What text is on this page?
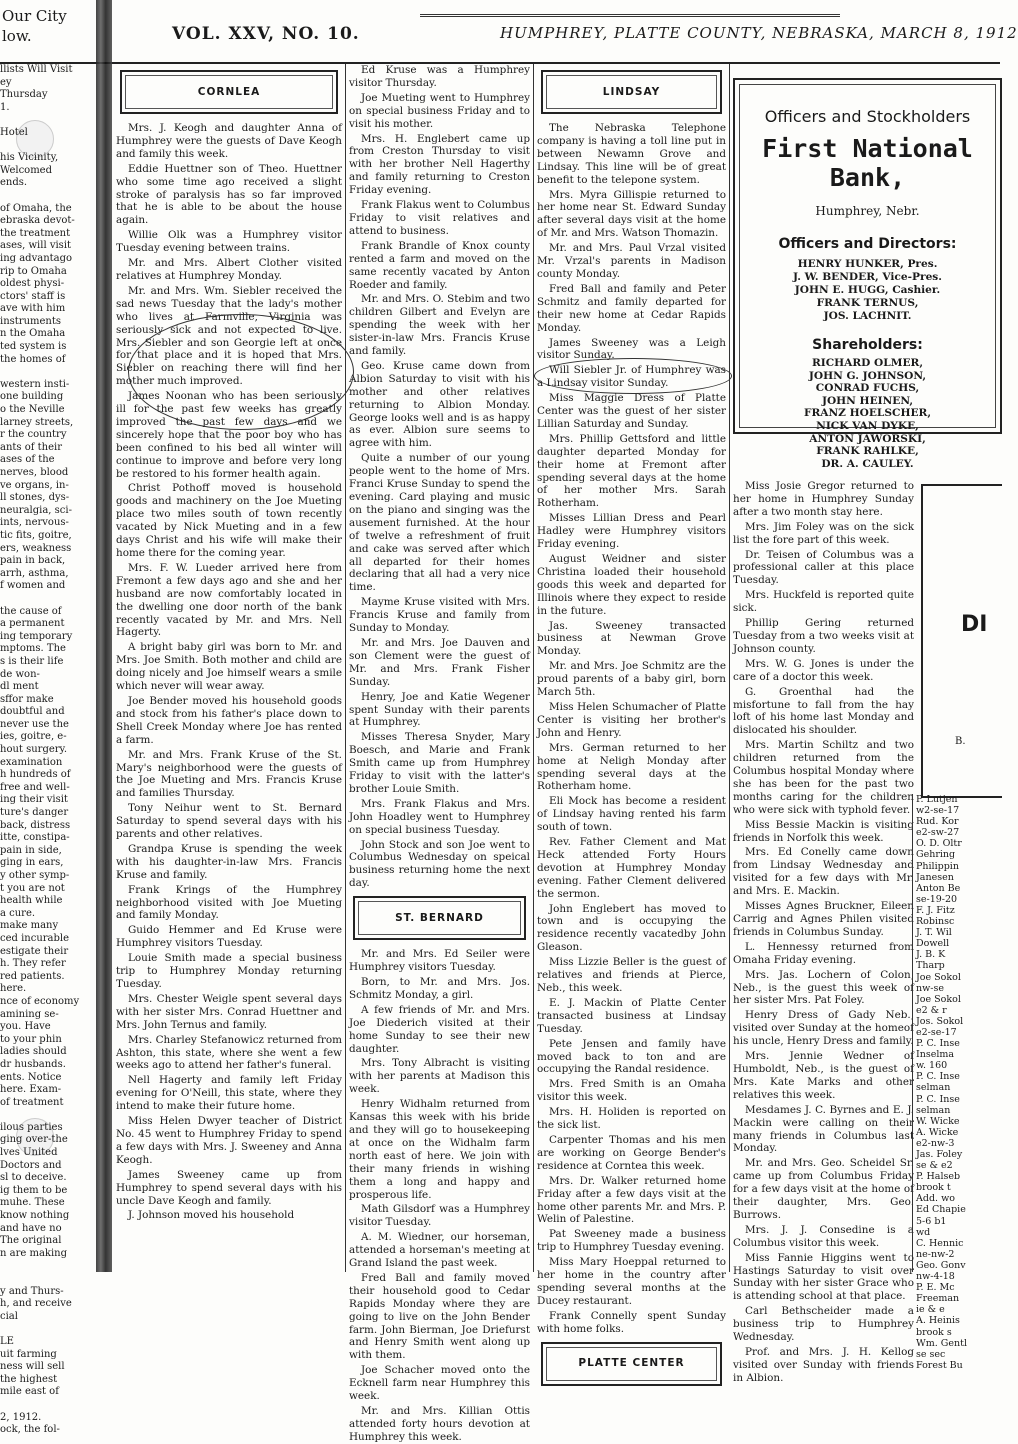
Our City
low.	VOL. XXV, NO. 10.	HUMPHREY, PLATTE COUNTY, NEBRASKA, MARCH 8, 1912
llists Will Visit
ey
Thursday
1.

Hotel

his Vicinity,
Welcomed
ends.

of Omaha, the
ebraska devot-
the treatment
ases, will visit
ing advantago
rip to Omaha
oldest physi-
ctors' staff is
ave with him
instruments
n the Omaha
ted system is
the homes of

western insti-
one building
o the Neville
larney streets,
r the country
ants of their
ases of the
nerves, blood
ve organs, in-
ll stones, dys-
neuralgia, sci-
ints, nervous-
tic fits, goitre,
ers, weakness
pain in back,
arrh, asthma,
f women and

the cause of
a permanent
ing temporary
mptoms. The
s is their life
de won-
dl ment
sffor make
doubtful and
never use the
ies, goitre, e-
hout surgery.
examination
h hundreds of
free and well-
ing their visit
ture's danger
back, distress
itte, constipa-
pain in side,
ging in ears,
y other symp-
t you are not
health while
a cure.
make many
ced incurable
estigate their
h. They refer
red patients.
here.
nce of economy
amining se-
you. Have
to your phin
ladies should
dr husbands.
ents. Notice
here. Exam-
of treatment

ilous parties
ging over-the
lves United
Doctors and
sl to deceive.
ig them to be
muhe. These
know nothing
and have no
The original
n are making

y and Thurs-
h, and receive
cial

LE
uit farming
ness will sell
the highest
mile east of

2, 1912.
ock, the fol-
CORNLEA

Mrs. J. Keogh and daughter Anna of Humphrey were the guests of Dave Keogh and family this week.

Eddie Huettner son of Theo. Huettner who some time ago received a slight stroke of paralysis has so far improved that he is able to be about the house again.

Willie Olk was a Humphrey visitor Tuesday evening between trains.

Mr. and Mrs. Albert Clother visited relatives at Humphrey Monday.

Mr. and Mrs. Wm. Siebler received the sad news Tuesday that the lady's mother who lives at Farmville, Virginia was seriously sick and not expected to live. Mrs. Siebler and son Georgie left at once for that place and it is hoped that Mrs. Siebler on reaching there will find her mother much improved.

James Noonan who has been seriously ill for the past few weeks has greatly improved the past few days and we sincerely hope that the poor boy who has been confined to his bed all winter will continue to improve and before very long be restored to his former health again.

Christ Pothoff moved is household goods and machinery on the Joe Mueting place two miles south of town recently vacated by Nick Mueting and in a few days Christ and his wife will make their home there for the coming year.

Mrs. F. W. Lueder arrived here from Fremont a few days ago and she and her husband are now comfortably located in the dwelling one door north of the bank recently vacated by Mr. and Mrs. Nell Hagerty.

A bright baby girl was born to Mr. and Mrs. Joe Smith. Both mother and child are doing nicely and Joe himself wears a smile which never will wear away.

Joe Bender moved his household goods and stock from his father's place down to Shell Creek Monday where Joe has rented a farm.

Mr. and Mrs. Frank Kruse of the St. Mary's neighborhood were the guests of the Joe Mueting and Mrs. Francis Kruse and families Thursday.

Tony Neihur went to St. Bernard Saturday to spend several days with his parents and other relatives.

Grandpa Kruse is spending the week with his daughter-in-law Mrs. Francis Kruse and family.

Frank Krings of the Humphrey neighborhood visited with Joe Mueting and family Monday.

Guido Hemmer and Ed Kruse were Humphrey visitors Tuesday.

Louie Smith made a special business trip to Humphrey Monday returning Tuesday.

Mrs. Chester Weigle spent several days with her sister Mrs. Conrad Huettner and Mrs. John Ternus and family.

Mrs. Charley Stefanowicz returned from Ashton, this state, where she went a few weeks ago to attend her father's funeral.

Nell Hagerty and family left Friday evening for O'Neill, this state, where they intend to make their future home.

Miss Helen Dwyer teacher of District No. 45 went to Humphrey Friday to spend a few days with Mrs. J. Sweeney and Anna Keogh.

James Sweeney came up from Humphrey to spend several days with his uncle Dave Keogh and family.

J. Johnson moved his household

Ed Kruse was a Humphrey visitor Thursday.

Joe Mueting went to Humphrey on special business Friday and to visit his mother.

Mrs. H. Englebert came up from Creston Thursday to visit with her brother Nell Hagerthy and family returning to Creston Friday evening.

Frank Flakus went to Columbus Friday to visit relatives and attend to business.

Frank Brandle of Knox county rented a farm and moved on the same recently vacated by Anton Roeder and family.

Mr. and Mrs. O. Stebim and two children Gilbert and Evelyn are spending the week with her sister-in-law Mrs. Francis Kruse and family.

Geo. Kruse came down from Albion Saturday to visit with his mother and other relatives returning to Albion Monday. George looks well and is as happy as ever. Albion sure seems to agree with him.

Quite a number of our young people went to the home of Mrs. Franci Kruse Sunday to spend the evening. Card playing and music on the piano and singing was the ausement furnished. At the hour of twelve a refreshment of fruit and cake was served after which all departed for their homes declaring that all had a very nice time.

Mayme Kruse visited with Mrs. Francis Kruse and family from Sunday to Monday.

Mr. and Mrs. Joe Dauven and son Clement were the guest of Mr. and Mrs. Frank Fisher Sunday.

Henry, Joe and Katie Wegener spent Sunday with their parents at Humphrey.

Misses Theresa Snyder, Mary Boesch, and Marie and Frank Smith came up from Humphrey Friday to visit with the latter's brother Louie Smith.

Mrs. Frank Flakus and Mrs. John Hoadley went to Humphrey on special business Tuesday.

John Stock and son Joe went to Columbus Wednesday on speical business returning home the next day.

ST. BERNARD

Mr. and Mrs. Ed Seiler were Humphrey visitors Tuesday.

Born, to Mr. and Mrs. Jos. Schmitz Monday, a girl.

A few friends of Mr. and Mrs. Joe Diederich visited at their home Sunday to see their new daughter.

Mrs. Tony Albracht is visiting with her parents at Madison this week.

Henry Widhalm returned from Kansas this week with his bride and they will go to housekeeping at once on the Widhalm farm north east of here. We join with their many friends in wishing them a long and happy and prosperous life.

Math Gilsdorf was a Humphrey visitor Tuesday.

A. M. Wiedner, our horseman, attended a horseman's meeting at Grand Island the past week.

Fred Ball and family moved their household good to Cedar Rapids Monday where they are going to live on the John Bender farm. John Bierman, Joe Driefurst and Henry Smith went along up with them.

Joe Schacher moved onto the Ecknell farm near Humphrey this week.

Mr. and Mrs. Killian Ottis attended forty hours devotion at Humphrey this week.

LINDSAY

The Nebraska Telephone company is having a toll line put in between Newamn Grove and Lindsay. This line will be of great benefit to the telepone system.

Mrs. Myra Gillispie returned to her home near St. Edward Sunday after several days visit at the home of Mr. and Mrs. Watson Thomazin.

Mr. and Mrs. Paul Vrzal visited Mr. Vrzal's parents in Madison county Monday.

Fred Ball and family and Peter Schmitz and family departed for their new home at Cedar Rapids Monday.

James Sweeney was a Leigh visitor Sunday.

Will Siebler Jr. of Humphrey was a Lindsay visitor Sunday.

Miss Maggie Dress of Platte Center was the guest of her sister Lillian Saturday and Sunday.

Mrs. Phillip Gettsford and little daughter departed Monday for their home at Fremont after spending several days at the home of her mother Mrs. Sarah Rotherham.

Misses Lillian Dress and Pearl Hadley were Humphrey visitors Friday evening.

August Weidner and sister Christina loaded their household goods this week and departed for Illinois where they expect to reside in the future.

Jas. Sweeney transacted business at Newman Grove Monday.

Mr. and Mrs. Joe Schmitz are the proud parents of a baby girl, born March 5th.

Miss Helen Schumacher of Platte Center is visiting her brother's John and Henry.

Mrs. German returned to her home at Neligh Monday after spending several days at the Rotherham home.

Eli Mock has become a resident of Lindsay having rented his farm south of town.

Rev. Father Clement and Mat Heck attended Forty Hours devotion at Humphrey Monday evening. Father Clement delivered the sermon.

John Englebert has moved to town and is occupying the residence recently vacatedby John Gleason.

Miss Lizzie Beller is the guest of relatives and friends at Pierce, Neb., this week.

E. J. Mackin of Platte Center transacted business at Lindsay Tuesday.

Pete Jensen and family have moved back to ton and are occupying the Randal residence.

Mrs. Fred Smith is an Omaha visitor this week.

Mrs. H. Holiden is reported on the sick list.

Carpenter Thomas and his men are working on George Bender's residence at Corntea this week.

Mrs. Dr. Walker returned home Friday after a few days visit at the home other parents Mr. and Mrs. P. Welin of Palestine.

Pat Sweeney made a business trip to Humphrey Tuesday evening.

Miss Mary Hoeppal returned to her home in the country after spending several months at the Ducey restaurant.

Frank Connelly spent Sunday with home folks.

PLATTE CENTER
Officers and Stockholders
First National Bank,
Humphrey, Nebr.
Officers and Directors:
HENRY HUNKER, Pres.
J. W. BENDER, Vice-Pres.
JOHN E. HUGG, Cashier.
FRANK TERNUS,
JOS. LACHNIT.
Shareholders:
RICHARD OLMER,
JOHN G. JOHNSON,
CONRAD FUCHS,
JOHN HEINEN,
FRANZ HOELSCHER,
NICK VAN DYKE,
ANTON JAWORSKI,
FRANK RAHLKE,
DR. A. CAULEY.

Miss Josie Gregor returned to her home in Humphrey Sunday after a two month stay here.

Mrs. Jim Foley was on the sick list the fore part of this week.

Dr. Teisen of Columbus was a professional caller at this place Tuesday.

Mrs. Huckfeld is reported quite sick.

Phillip Gering returned Tuesday from a two weeks visit at Johnson county.

Mrs. W. G. Jones is under the care of a doctor this week.

G. Groenthal had the misfortune to fall from the hay loft of his home last Monday and dislocated his shoulder.

Mrs. Martin Schiltz and two children returned from the Columbus hospital Monday where she has been for the past two months caring for the children who were sick with typhold fever.

Miss Bessie Mackin is visiting friends in Norfolk this week.

Mrs. Ed Conelly came down from Lindsay Wednesday and visited for a few days with Mr. and Mrs. E. Mackin.

Misses Agnes Bruckner, Eileen Carrig and Agnes Philen visited friends in Columbus Sunday.

L. Hennessy returned from Omaha Friday evening.

Mrs. Jas. Lochern of Colon, Neb., is the guest this week of her sister Mrs. Pat Foley.

Henry Dress of Gady Neb., visited over Sunday at the homeof his uncle, Henry Dress and family.

Mrs. Jennie Wedner of Humboldt, Neb., is the guest of Mrs. Kate Marks and other relatives this week.

Mesdames J. C. Byrnes and E. J. Mackin were calling on their many friends in Columbus last Monday.

Mr. and Mrs. Geo. Scheidel Sr. came up from Columbus Friday for a few days visit at the home of their daughter, Mrs. Geo. Burrows.

Mrs. J. J. Consedine is a Columbus visitor this week.

Miss Fannie Higgins went to Hastings Saturday to visit over Sunday with her sister Grace who is attending school at that place.

Carl Bethscheider made a business trip to Humphrey Wednesday.

Prof. and Mrs. J. H. Kellog visited over Sunday with friends in Albion.

DI
B.
P. Lutjen
w2-se-17
Rud. Kor
e2-sw-27
O. D. Oltr
Gehring
Philippin
Janesen
Anton Be
se-19-20
F. J. Fitz
Robinsc
J. T. Wil
Dowell
J. B. K
Tharp
Joe Sokol
nw-se
Joe Sokol
e2 & r
Jos. Sokol
e2-se-17
P. C. Inse
Inselma
w. 160
P. C. Inse
selman
P. C. Inse
selman
W. Wicke
A. Wicke
e2-nw-3
Jas. Foley
se & e2
P. Halseb
brook t
Add. wo
Ed Chapie
5-6 b1
wd
C. Hennic
ne-nw-2
Geo. Gonv
nw-4-18
P. E. Mc
Freeman
ie & e
A. Heinis
brook s
Wm. Gentl
se sec
Forest Bu
